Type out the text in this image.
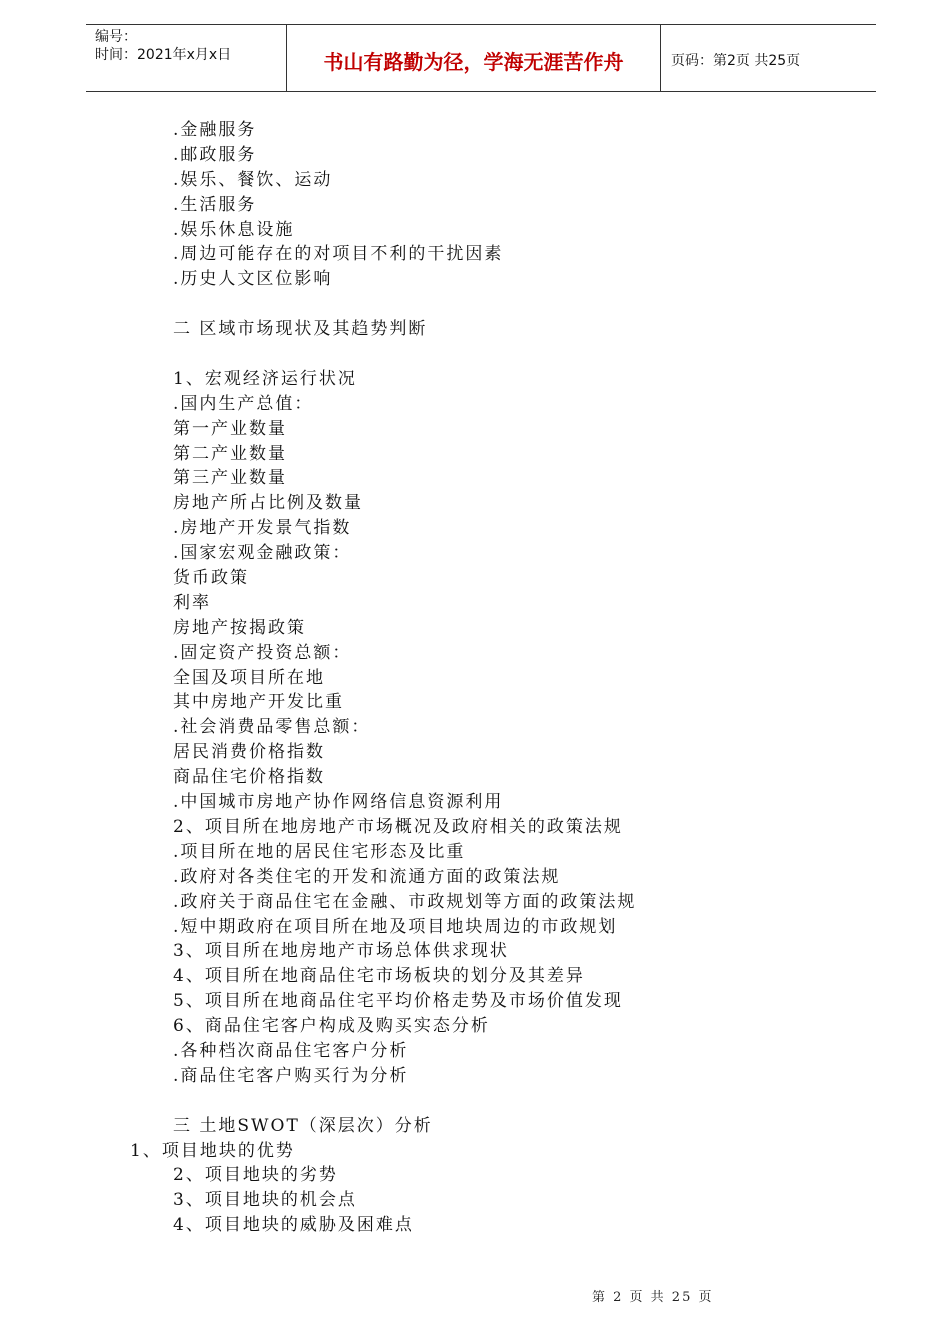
编号：
时间：2021年x月x日	书山有路勤为径，学海无涯苦作舟	页码：第2页 共25页
.金融服务
.邮政服务
.娱乐、餐饮、运动
.生活服务
.娱乐休息设施
.周边可能存在的对项目不利的干扰因素
.历史人文区位影响
二 区域市场现状及其趋势判断
1、宏观经济运行状况
.国内生产总值：
第一产业数量
第二产业数量
第三产业数量
房地产所占比例及数量
.房地产开发景气指数
.国家宏观金融政策：
货币政策
利率
房地产按揭政策
.固定资产投资总额：
全国及项目所在地
其中房地产开发比重
.社会消费品零售总额：
居民消费价格指数
商品住宅价格指数
.中国城市房地产协作网络信息资源利用
2、项目所在地房地产市场概况及政府相关的政策法规
.项目所在地的居民住宅形态及比重
.政府对各类住宅的开发和流通方面的政策法规
.政府关于商品住宅在金融、市政规划等方面的政策法规
.短中期政府在项目所在地及项目地块周边的市政规划
3、项目所在地房地产市场总体供求现状
4、项目所在地商品住宅市场板块的划分及其差异
5、项目所在地商品住宅平均价格走势及市场价值发现
6、商品住宅客户构成及购买实态分析
.各种档次商品住宅客户分析
.商品住宅客户购买行为分析
三 土地SWOT（深层次）分析
1、项目地块的优势
2、项目地块的劣势
3、项目地块的机会点
4、项目地块的威胁及困难点
第 2 页 共 25 页
